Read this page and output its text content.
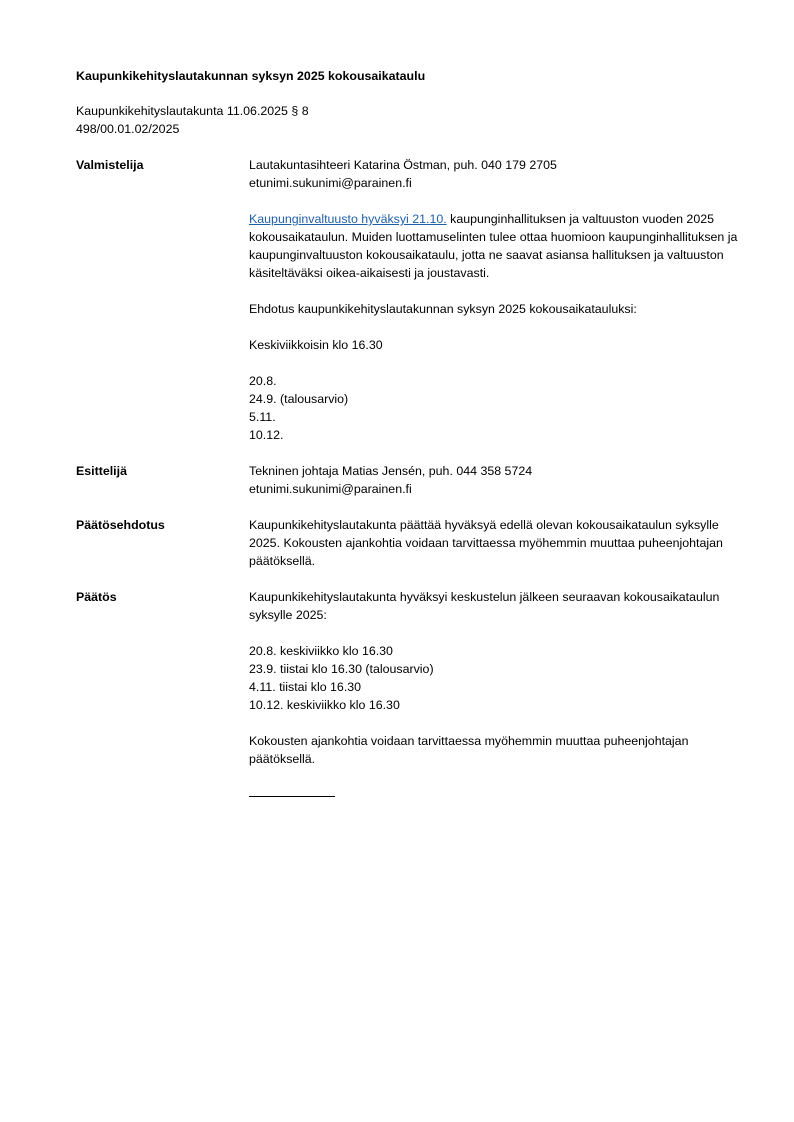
Kaupunkikehityslautakunnan syksyn 2025 kokousaikataulu
Kaupunkikehityslautakunta 11.06.2025 § 8
498/00.01.02/2025
Valmistelija	Lautakuntasihteeri Katarina Östman, puh. 040 179 2705

etunimi.sukunimi@parainen.fi

Kaupunginvaltuusto hyväksyi 21.10. kaupunginhallituksen ja valtuuston vuoden 2025 kokousaikataulun. Muiden luottamuselinten tulee ottaa huomioon kaupunginhallituksen ja kaupunginvaltuuston kokousaikataulu, jotta ne saavat asiansa hallituksen ja valtuuston käsiteltäväksi oikea-aikaisesti ja joustavasti.

Ehdotus kaupunkikehityslautakunnan syksyn 2025 kokousaikatauluksi:

Keskiviikkoisin klo 16.30

20.8.
24.9. (talousarvio)
5.11.
10.12.
Esittelijä	Tekninen johtaja Matias Jensén, puh. 044 358 5724

etunimi.sukunimi@parainen.fi

Päätösehdotus	Kaupunkikehityslautakunta päättää hyväksyä edellä olevan kokousaikataulun syksylle 2025. Kokousten ajankohtia voidaan tarvittaessa myöhemmin muuttaa puheenjohtajan päätöksellä.

Päätös	Kaupunkikehityslautakunta hyväksyi keskustelun jälkeen seuraavan kokousaikataulun syksylle 2025:

20.8. keskiviikko klo 16.30
23.9. tiistai klo 16.30 (talousarvio)
4.11. tiistai klo 16.30
10.12. keskiviikko klo 16.30

Kokousten ajankohtia voidaan tarvittaessa myöhemmin muuttaa puheenjohtajan päätöksellä.
